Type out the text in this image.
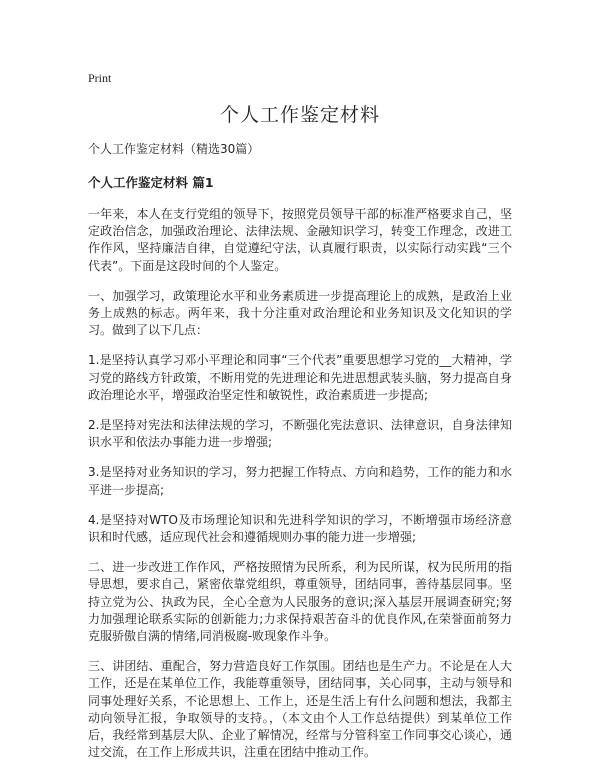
Print
个人工作鉴定材料

个人工作鉴定材料（精选30篇）

个人工作鉴定材料 篇1

一年来，本人在支行党组的领导下，按照党员领导干部的标准严格要求自己，坚定政治信念，加强政治理论、法律法规、金融知识学习，转变工作理念，改进工作作风，坚持廉洁自律，自觉遵纪守法，认真履行职责，以实际行动实践“三个代表”。下面是这段时间的个人鉴定。

一、加强学习，政策理论水平和业务素质进一步提高理论上的成熟，是政治上业务上成熟的标志。两年来，我十分注重对政治理论和业务知识及文化知识的学习。做到了以下几点：

1.是坚持认真学习邓小平理论和同事“三个代表”重要思想学习党的__大精神，学习党的路线方针政策，不断用党的先进理论和先进思想武装头脑，努力提高自身政治理论水平，增强政治坚定性和敏锐性，政治素质进一步提高;

2.是坚持对宪法和法律法规的学习，不断强化宪法意识、法律意识，自身法律知识水平和依法办事能力进一步增强;

3.是坚持对业务知识的学习，努力把握工作特点、方向和趋势，工作的能力和水平进一步提高;

4.是坚持对WTO及市场理论知识和先进科学知识的学习，不断增强市场经济意识和时代感，适应现代社会和遵循规则办事的能力进一步增强;

二、进一步改进工作作风，严格按照情为民所系，利为民所谋，权为民所用的指导思想，要求自己，紧密依靠党组织，尊重领导，团结同事，善待基层同事。坚持立党为公、执政为民，全心全意为人民服务的意识;深入基层开展调查研究;努力加强理论联系实际的创新能力;力求保持艰苦奋斗的优良作风,在荣誉面前努力克服骄傲自满的情绪,同消极腐-败现象作斗争。

三、讲团结、重配合，努力营造良好工作氛围。团结也是生产力。不论是在人大工作，还是在某单位工作，我能尊重领导，团结同事，关心同事，主动与领导和同事处理好关系，不论思想上、工作上，还是生活上有什么问题和想法，我都主动向领导汇报，争取领导的支持。，（本文由个人工作总结提供）到某单位工作后，我经常到基层大队、企业了解情况，经常与分管科室工作同事交心谈心，通过交流，在工作上形成共识，注重在团结中推动工作。
